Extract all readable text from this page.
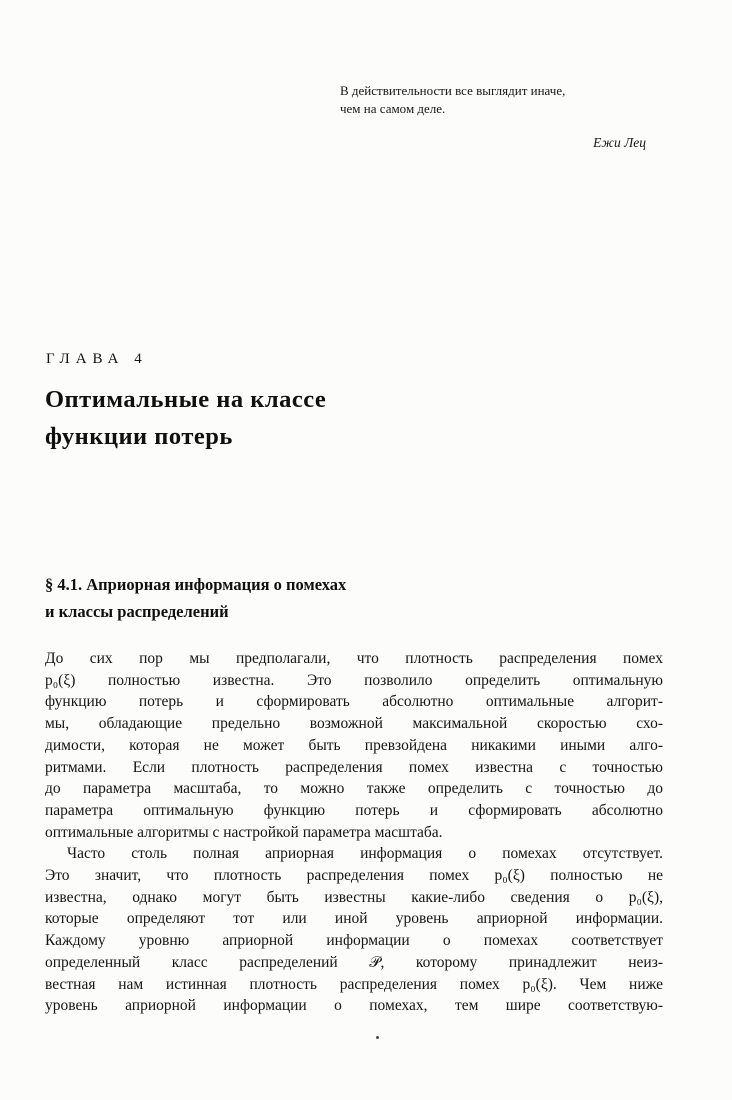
В действительности все выглядит иначе,
чем на самом деле.
Ежи Лец
ГЛАВА 4
Оптимальные на классе
функции потерь
§ 4.1. Априорная информация о помехах
и классы распределений
До сих пор мы предполагали, что плотность распределения помех
p₀(ξ) полностью известна. Это позволило определить оптимальную
функцию потерь и сформировать абсолютно оптимальные алгорит-
мы, обладающие предельно возможной максимальной скоростью схо-
димости, которая не может быть превзойдена никакими иными алго-
ритмами. Если плотность распределения помех известна с точностью
до параметра масштаба, то можно также определить с точностью до
параметра оптимальную функцию потерь и сформировать абсолютно
оптимальные алгоритмы с настройкой параметра масштаба.
Часто столь полная априорная информация о помехах отсутствует.
Это значит, что плотность распределения помех p₀(ξ) полностью не
известна, однако могут быть известны какие-либо сведения о p₀(ξ),
которые определяют тот или иной уровень априорной информации.
Каждому уровню априорной информации о помехах соответствует
определенный класс распределений 𝒫, которому принадлежит неиз-
вестная нам истинная плотность распределения помех p₀(ξ). Чем ниже
уровень априорной информации о помехах, тем шире соответствую-
